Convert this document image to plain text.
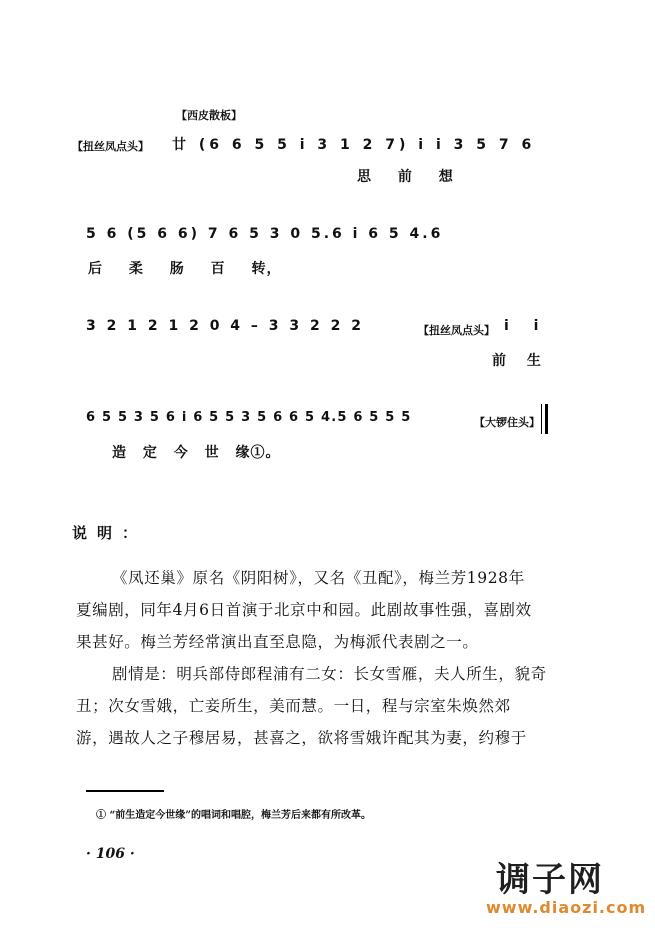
【西皮散板】
【扭丝凤点头】 廿 (6 6 5 5 i 3 1 2 7) i i 3 5 7 6
思 前 想
5 6 (5 6 6) 7 6 5 3 0 5.6 i 6 5 4.6
后 柔 肠 百 转，
3 2 1 2 1 2 0 4 – 3 3 2 2 2	【扭丝凤点头】 i i
前 生
6 5 5 3 5 6 i 6 5 5 3 5 6 6 5 4.5 6 5 5 5	【大锣住头】
造 定 今 世 缘①。
说明：
《凤还巢》原名《阴阳树》，又名《丑配》，梅兰芳1928年
夏编剧，同年4月6日首演于北京中和园。此剧故事性强，喜剧效
果甚好。梅兰芳经常演出直至息隐，为梅派代表剧之一。
剧情是：明兵部侍郎程浦有二女：长女雪雁，夫人所生，貌奇
丑；次女雪娥，亡妾所生，美而慧。一日，程与宗室朱焕然郊
游，遇故人之子穆居易，甚喜之，欲将雪娥许配其为妻，约穆于
① “前生造定今世缘”的唱词和唱腔，梅兰芳后来都有所改革。
· 106 ·
调子网
www.diaozi.com
